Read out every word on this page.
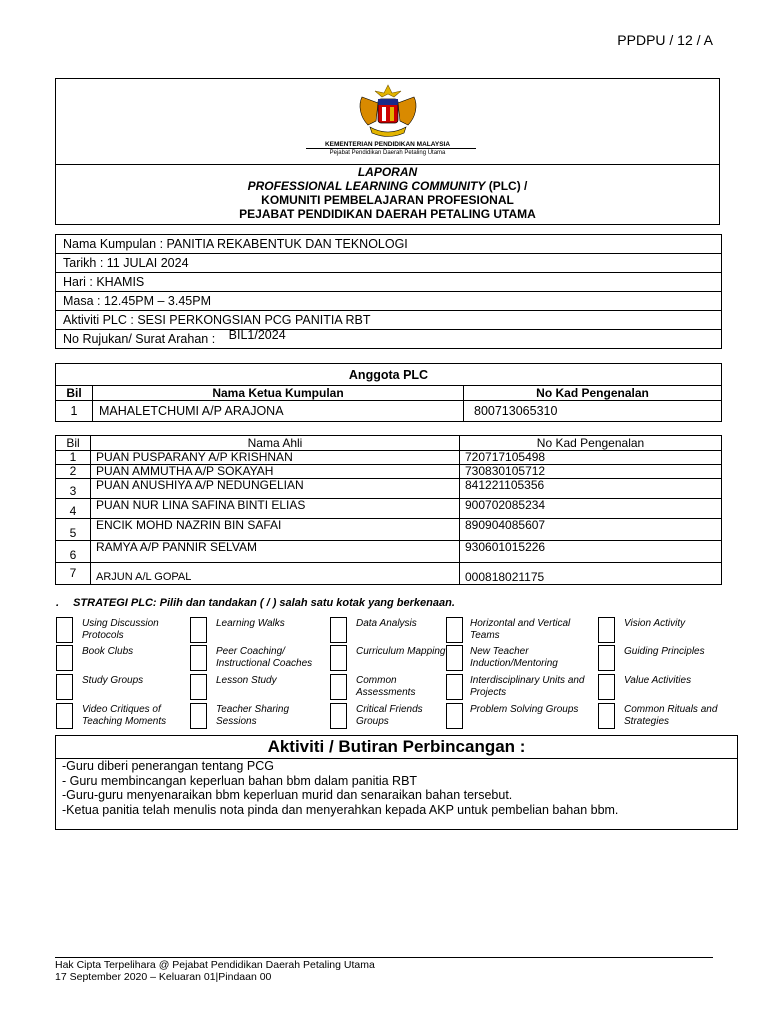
PPDPU / 12 / A
KEMENTERIAN PENDIDIKAN MALAYSIA
Pejabat Pendidikan Daerah Petaling Utama
LAPORAN
PROFESSIONAL LEARNING COMMUNITY (PLC) /
KOMUNITI PEMBELAJARAN PROFESIONAL
PEJABAT PENDIDIKAN DAERAH PETALING UTAMA
Nama Kumpulan : PANITIA REKABENTUK DAN TEKNOLOGI
Tarikh : 11 JULAI 2024
Hari : KHAMIS
Masa : 12.45PM – 3.45PM
Aktiviti PLC : SESI PERKONGSIAN PCG PANITIA RBT
No Rujukan/ Surat Arahan : BIL1/2024
Anggota PLC		
Bil	Nama Ketua Kumpulan	No Kad Pengenalan
1	MAHALETCHUMI A/P ARAJONA	800713065310
Bil	Nama Ahli	No Kad Pengenalan
1	PUAN PUSPARANY A/P KRISHNAN	720717105498
2	PUAN AMMUTHA A/P SOKAYAH	730830105712
3	PUAN ANUSHIYA A/P NEDUNGELIAN	841221105356
4	PUAN NUR LINA SAFINA BINTI ELIAS	900702085234
5	ENCIK MOHD NAZRIN BIN SAFAI	890904085607
6	RAMYA A/P PANNIR SELVAM	930601015226
7	ARJUN A/L GOPAL	000818021175
. STRATEGI PLC: Pilih dan tandakan ( / ) salah satu kotak yang berkenaan.
Using Discussion Protocols
Learning Walks	Data Analysis	Horizontal and Vertical Teams
Vision Activity
Book Clubs	Peer Coaching/ Instructional Coaches
Curriculum Mapping	New Teacher Induction/Mentoring
Guiding Principles
Study Groups	Lesson Study	Common Assessments
Interdisciplinary Units and Projects
Value Activities
Video Critiques of Teaching Moments
Teacher Sharing Sessions
Critical Friends Groups
Problem Solving Groups	Common Rituals and Strategies
Aktiviti / Butiran Perbincangan :
-Guru diberi penerangan tentang PCG
- Guru membincangan keperluan bahan bbm dalam panitia RBT
-Guru-guru menyenaraikan bbm keperluan murid dan senaraikan bahan tersebut.
-Ketua panitia telah menulis nota pinda dan menyerahkan kepada AKP untuk pembelian bahan bbm.
Hak Cipta Terpelihara @ Pejabat Pendidikan Daerah Petaling Utama
17 September 2020 – Keluaran 01|Pindaan 00
